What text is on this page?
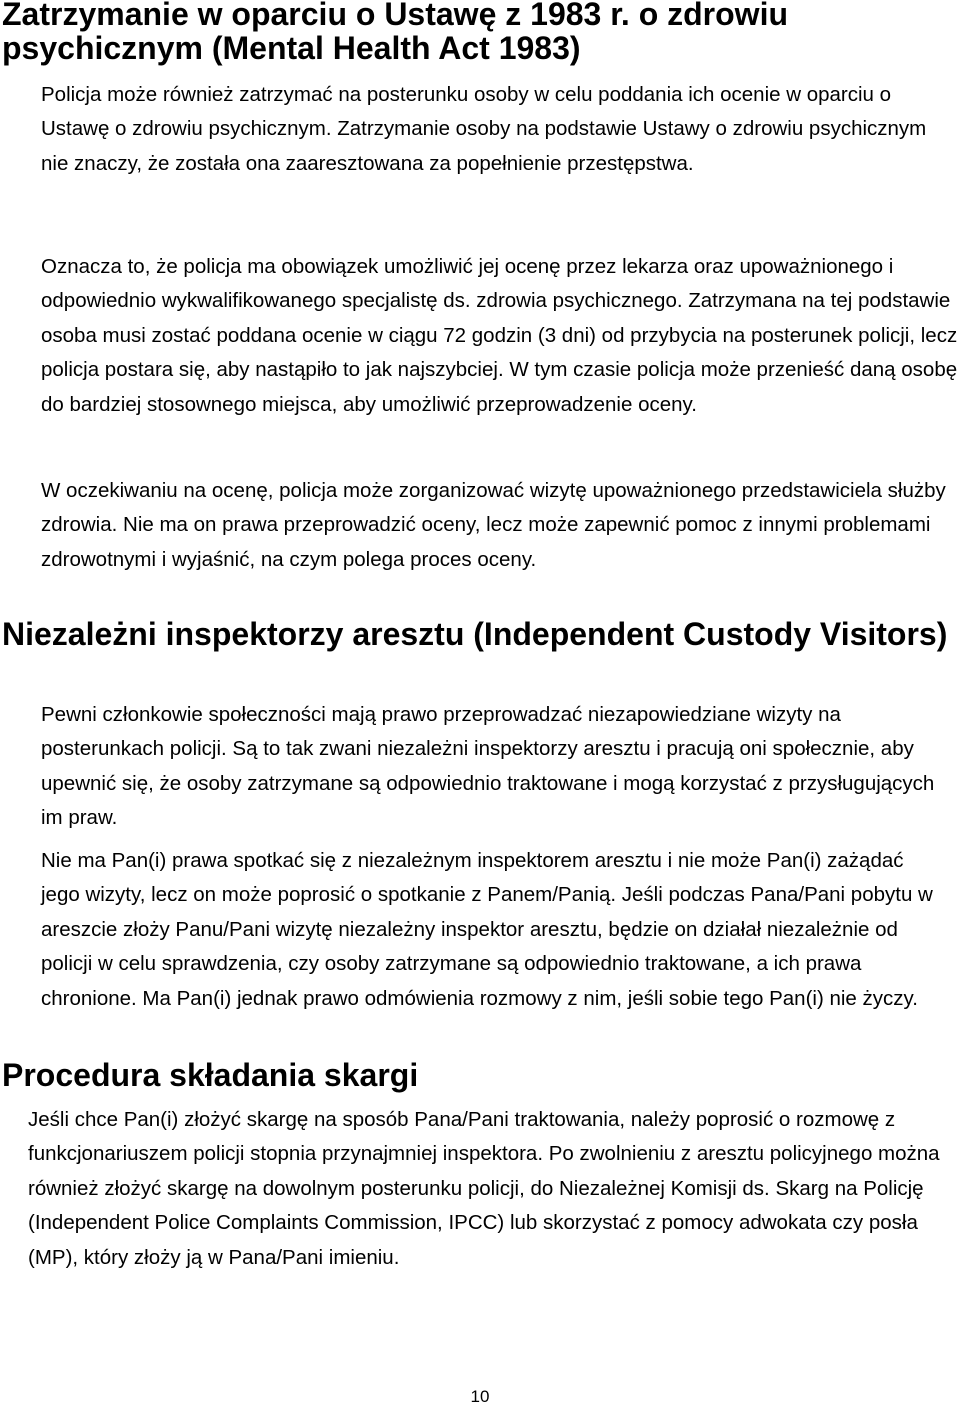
Zatrzymanie w oparciu o Ustawę z 1983 r. o zdrowiu psychicznym (Mental Health Act 1983)

Policja może również zatrzymać na posterunku osoby w celu poddania ich ocenie w oparciu o Ustawę o zdrowiu psychicznym. Zatrzymanie osoby na podstawie Ustawy o zdrowiu psychicznym nie znaczy, że została ona zaaresztowana za popełnienie przestępstwa.

Oznacza to, że policja ma obowiązek umożliwić jej ocenę przez lekarza oraz upoważnionego i odpowiednio wykwalifikowanego specjalistę ds. zdrowia psychicznego. Zatrzymana na tej podstawie osoba musi zostać poddana ocenie w ciągu 72 godzin (3 dni) od przybycia na posterunek policji, lecz policja postara się, aby nastąpiło to jak najszybciej. W tym czasie policja może przenieść daną osobę do bardziej stosownego miejsca, aby umożliwić przeprowadzenie oceny.

W oczekiwaniu na ocenę, policja może zorganizować wizytę upoważnionego przedstawiciela służby zdrowia. Nie ma on prawa przeprowadzić oceny, lecz może zapewnić pomoc z innymi problemami zdrowotnymi i wyjaśnić, na czym polega proces oceny.

Niezależni inspektorzy aresztu (Independent Custody Visitors)

Pewni członkowie społeczności mają prawo przeprowadzać niezapowiedziane wizyty na posterunkach policji. Są to tak zwani niezależni inspektorzy aresztu i pracują oni społecznie, aby upewnić się, że osoby zatrzymane są odpowiednio traktowane i mogą korzystać z przysługujących im praw.

Nie ma Pan(i) prawa spotkać się z niezależnym inspektorem aresztu i nie może Pan(i) zażądać jego wizyty, lecz on może poprosić o spotkanie z Panem/Panią. Jeśli podczas Pana/Pani pobytu w areszcie złoży Panu/Pani wizytę niezależny inspektor aresztu, będzie on działał niezależnie od policji w celu sprawdzenia, czy osoby zatrzymane są odpowiednio traktowane, a ich prawa chronione. Ma Pan(i) jednak prawo odmówienia rozmowy z nim, jeśli sobie tego Pan(i) nie życzy.

Procedura składania skargi

Jeśli chce Pan(i) złożyć skargę na sposób Pana/Pani traktowania, należy poprosić o rozmowę z funkcjonariuszem policji stopnia przynajmniej inspektora. Po zwolnieniu z aresztu policyjnego można również złożyć skargę na dowolnym posterunku policji, do Niezależnej Komisji ds. Skarg na Policję (Independent Police Complaints Commission, IPCC) lub skorzystać z pomocy adwokata czy posła (MP), który złoży ją w Pana/Pani imieniu.

10
